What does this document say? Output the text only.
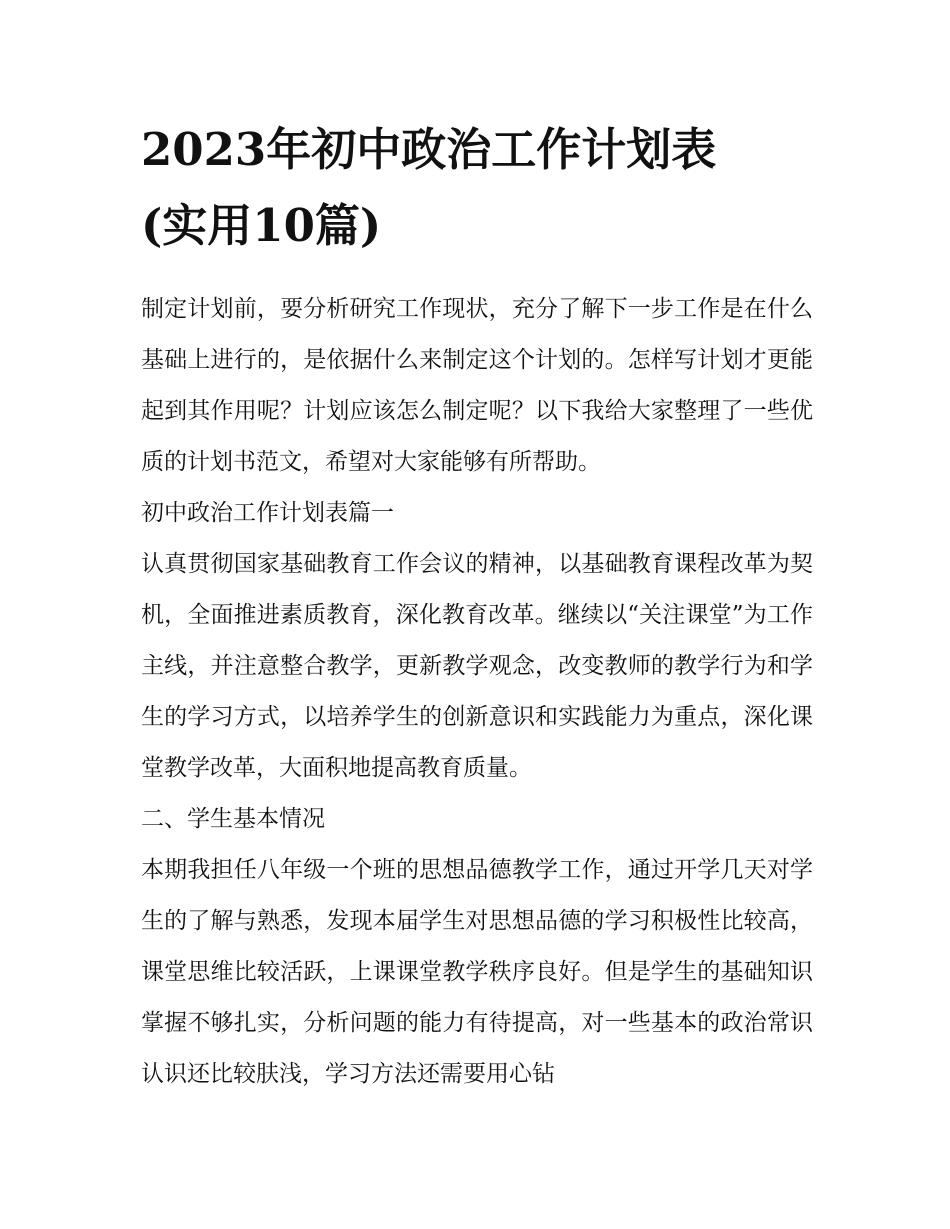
2023年初中政治工作计划表
(实用10篇)

制定计划前，要分析研究工作现状，充分了解下一步工作是在什么基础上进行的，是依据什么来制定这个计划的。怎样写计划才更能起到其作用呢？计划应该怎么制定呢？以下我给大家整理了一些优质的计划书范文，希望对大家能够有所帮助。

初中政治工作计划表篇一

认真贯彻国家基础教育工作会议的精神，以基础教育课程改革为契机，全面推进素质教育，深化教育改革。继续以“关注课堂”为工作主线，并注意整合教学，更新教学观念，改变教师的教学行为和学生的学习方式，以培养学生的创新意识和实践能力为重点，深化课堂教学改革，大面积地提高教育质量。

二、学生基本情况

本期我担任八年级一个班的思想品德教学工作，通过开学几天对学生的了解与熟悉，发现本届学生对思想品德的学习积极性比较高，课堂思维比较活跃，上课课堂教学秩序良好。但是学生的基础知识掌握不够扎实，分析问题的能力有待提高，对一些基本的政治常识认识还比较肤浅，学习方法还需要用心钻
